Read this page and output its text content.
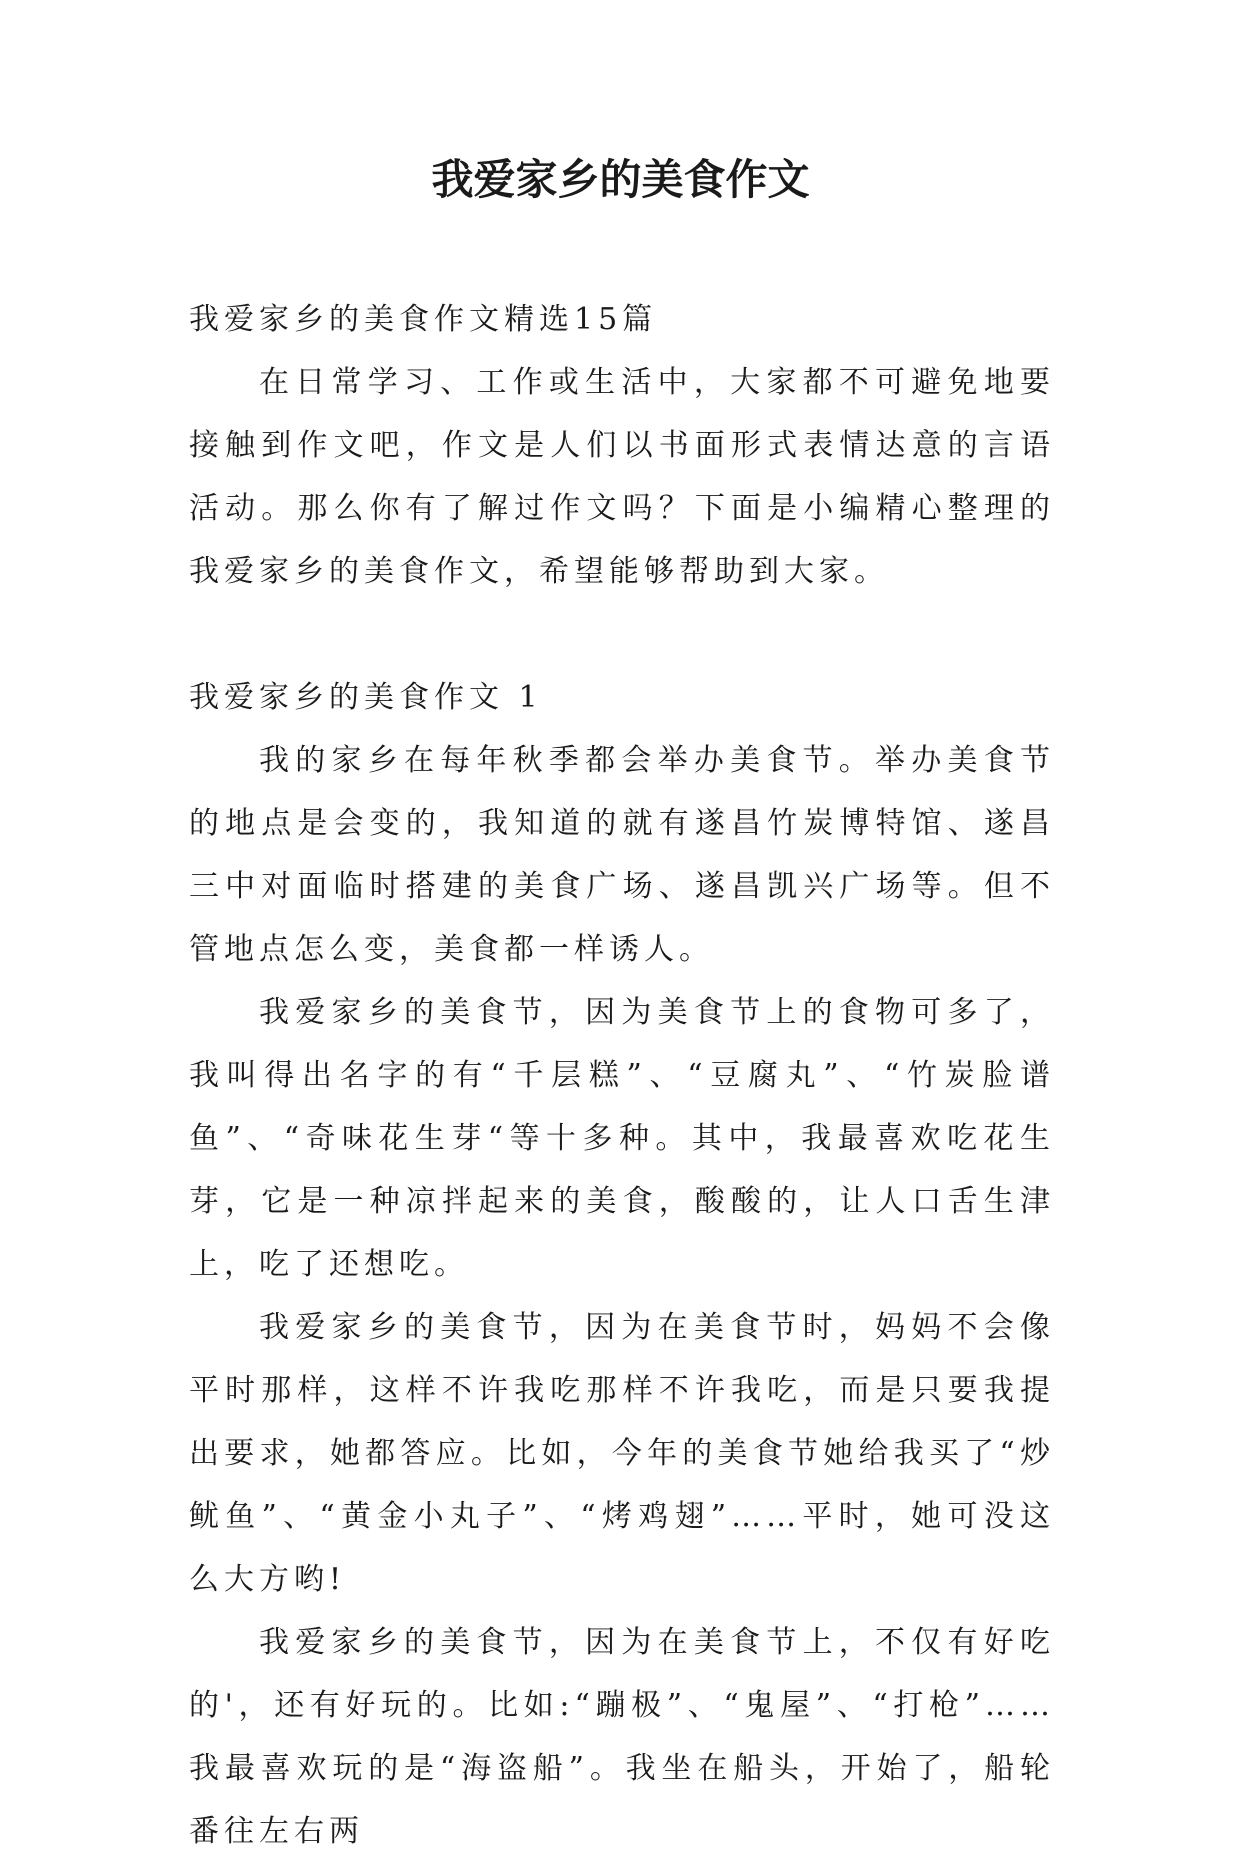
我爱家乡的美食作文

我爱家乡的美食作文精选15篇

在日常学习、工作或生活中，大家都不可避免地要接触到作文吧，作文是人们以书面形式表情达意的言语活动。那么你有了解过作文吗？下面是小编精心整理的我爱家乡的美食作文，希望能够帮助到大家。

我爱家乡的美食作文 1

我的家乡在每年秋季都会举办美食节。举办美食节的地点是会变的，我知道的就有遂昌竹炭博特馆、遂昌三中对面临时搭建的美食广场、遂昌凯兴广场等。但不管地点怎么变，美食都一样诱人。

我爱家乡的美食节，因为美食节上的食物可多了，我叫得出名字的有“千层糕”、“豆腐丸”、“竹炭脸谱鱼”、“奇味花生芽“等十多种。其中，我最喜欢吃花生芽，它是一种凉拌起来的美食，酸酸的，让人口舌生津上，吃了还想吃。

我爱家乡的美食节，因为在美食节时，妈妈不会像平时那样，这样不许我吃那样不许我吃，而是只要我提出要求，她都答应。比如，今年的美食节她给我买了“炒鱿鱼”、“黄金小丸子”、“烤鸡翅”……平时，她可没这么大方哟!

我爱家乡的美食节，因为在美食节上，不仅有好吃的'，还有好玩的。比如:“蹦极”、“鬼屋”、“打枪”……我最喜欢玩的是“海盗船”。我坐在船头，开始了，船轮番往左右两
